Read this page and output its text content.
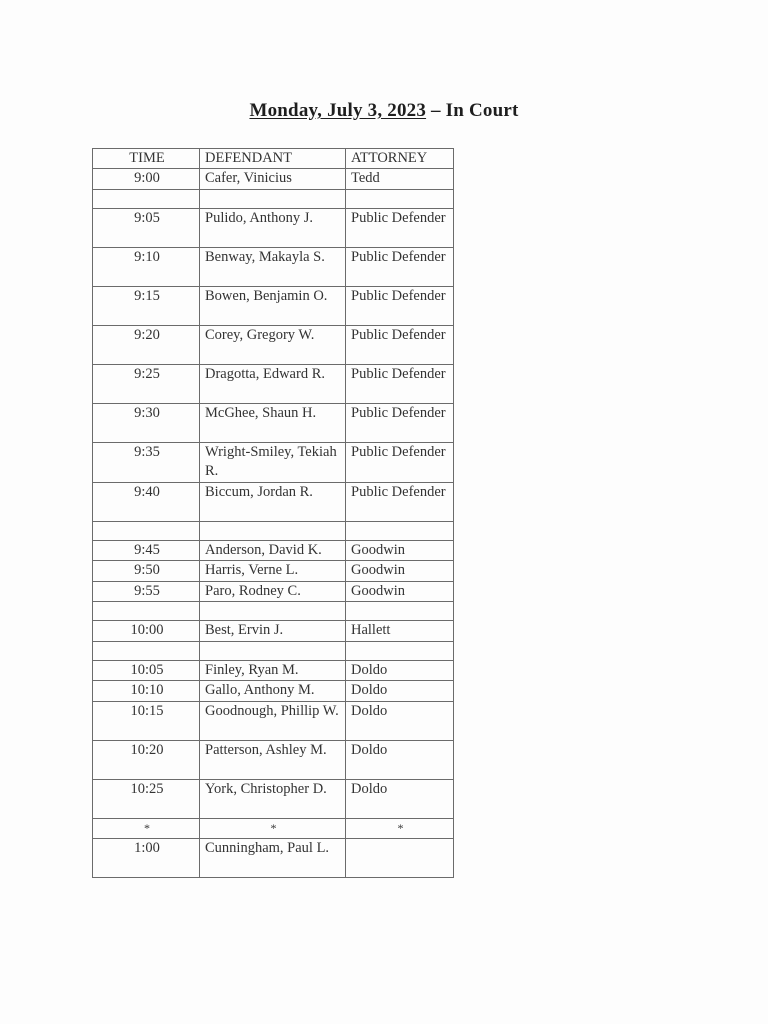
Monday, July 3, 2023 – In Court
TIME	DEFENDANT	ATTORNEY
9:00	Cafer, Vinicius	Tedd

9:05	Pulido, Anthony J.	Public Defender
9:10	Benway, Makayla S.	Public Defender
9:15	Bowen, Benjamin O.	Public Defender
9:20	Corey, Gregory W.	Public Defender
9:25	Dragotta, Edward R.	Public Defender
9:30	McGhee, Shaun H.	Public Defender
9:35	Wright-Smiley, Tekiah R.	Public Defender
9:40	Biccum, Jordan R.	Public Defender

9:45	Anderson, David K.	Goodwin
9:50	Harris, Verne L.	Goodwin
9:55	Paro, Rodney C.	Goodwin

10:00	Best, Ervin J.	Hallett

10:05	Finley, Ryan M.	Doldo
10:10	Gallo, Anthony M.	Doldo
10:15	Goodnough, Phillip W.	Doldo
10:20	Patterson, Ashley M.	Doldo
10:25	York, Christopher D.	Doldo
*	*	*
1:00	Cunningham, Paul L.	
